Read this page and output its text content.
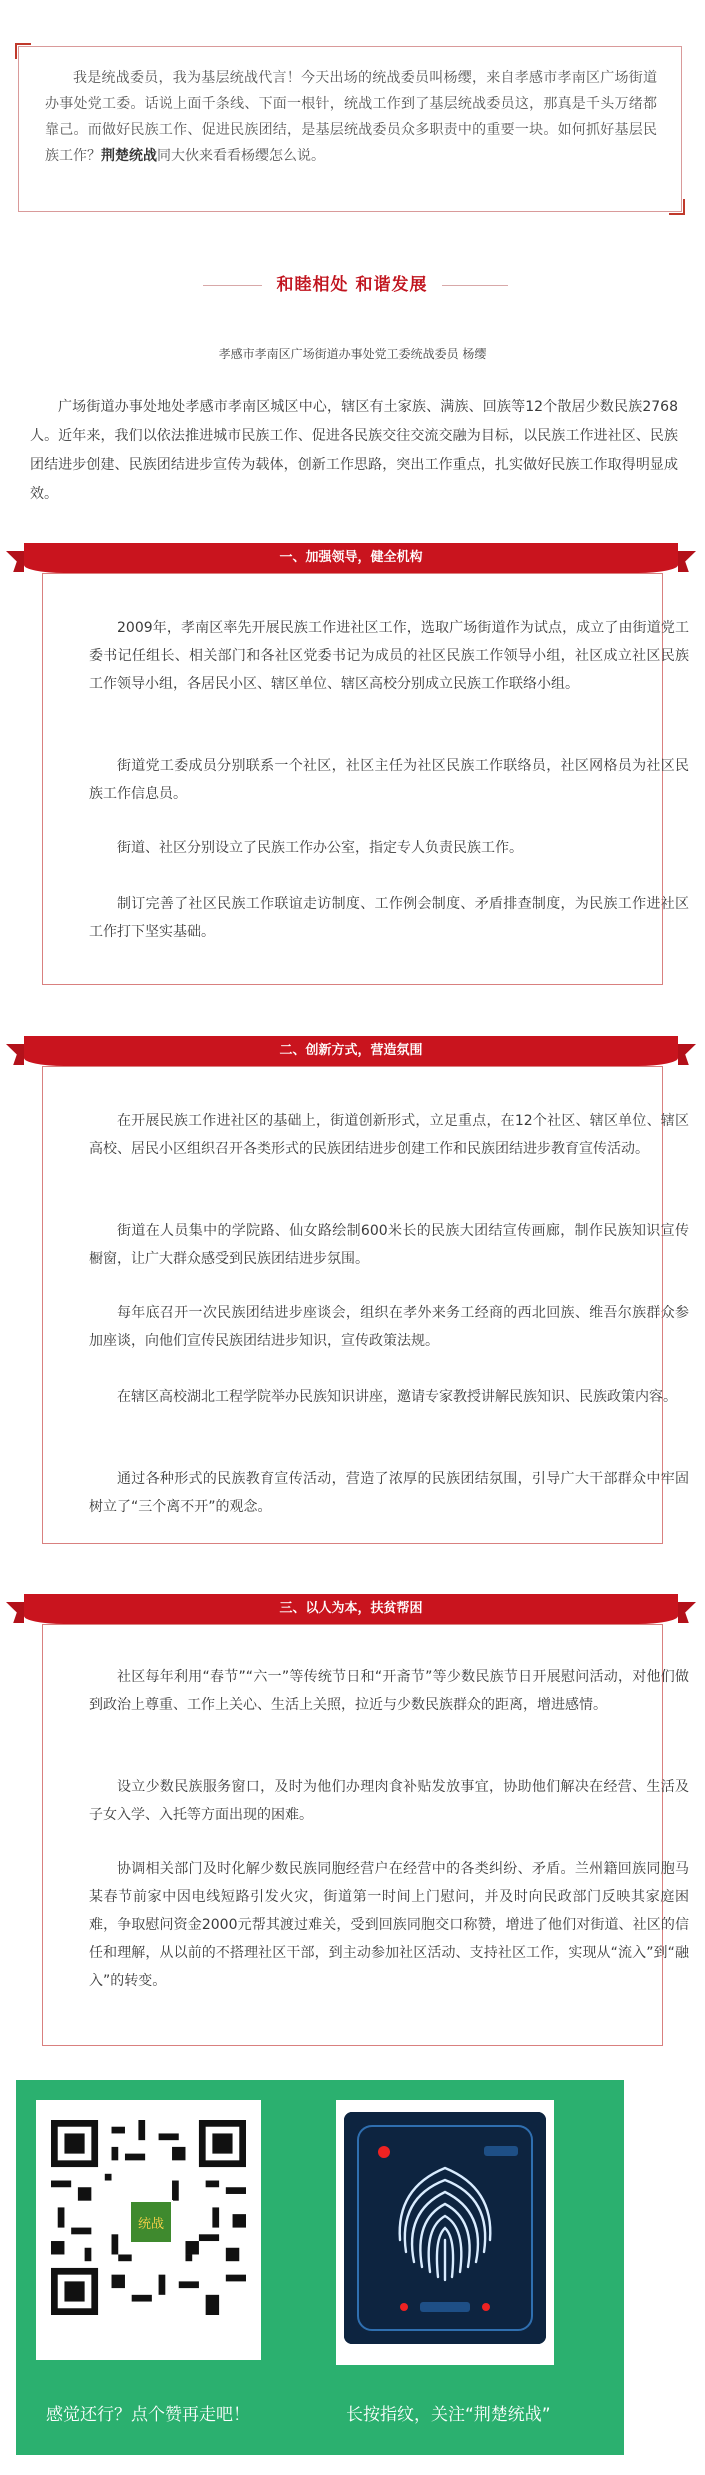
我是统战委员，我为基层统战代言！今天出场的统战委员叫杨缨，来自孝感市孝南区广场街道办事处党工委。话说上面千条线、下面一根针，统战工作到了基层统战委员这，那真是千头万绪都靠己。而做好民族工作、促进民族团结，是基层统战委员众多职责中的重要一块。如何抓好基层民族工作？荆楚统战同大伙来看看杨缨怎么说。

和睦相处 和谐发展
孝感市孝南区广场街道办事处党工委统战委员 杨缨

广场街道办事处地处孝感市孝南区城区中心，辖区有土家族、满族、回族等12个散居少数民族2768人。近年来，我们以依法推进城市民族工作、促进各民族交往交流交融为目标，以民族工作进社区、民族团结进步创建、民族团结进步宣传为载体，创新工作思路，突出工作重点，扎实做好民族工作取得明显成效。

一、加强领导，健全机构

2009年，孝南区率先开展民族工作进社区工作，选取广场街道作为试点，成立了由街道党工委书记任组长、相关部门和各社区党委书记为成员的社区民族工作领导小组，社区成立社区民族工作领导小组，各居民小区、辖区单位、辖区高校分别成立民族工作联络小组。

街道党工委成员分别联系一个社区，社区主任为社区民族工作联络员，社区网格员为社区民族工作信息员。

街道、社区分别设立了民族工作办公室，指定专人负责民族工作。

制订完善了社区民族工作联谊走访制度、工作例会制度、矛盾排查制度，为民族工作进社区工作打下坚实基础。

二、创新方式，营造氛围

在开展民族工作进社区的基础上，街道创新形式，立足重点，在12个社区、辖区单位、辖区高校、居民小区组织召开各类形式的民族团结进步创建工作和民族团结进步教育宣传活动。

街道在人员集中的学院路、仙女路绘制600米长的民族大团结宣传画廊，制作民族知识宣传橱窗，让广大群众感受到民族团结进步氛围。

每年底召开一次民族团结进步座谈会，组织在孝外来务工经商的西北回族、维吾尔族群众参加座谈，向他们宣传民族团结进步知识，宣传政策法规。

在辖区高校湖北工程学院举办民族知识讲座，邀请专家教授讲解民族知识、民族政策内容。

通过各种形式的民族教育宣传活动，营造了浓厚的民族团结氛围，引导广大干部群众中牢固树立了“三个离不开”的观念。

三、以人为本，扶贫帮困

社区每年利用“春节”“六一”等传统节日和“开斋节”等少数民族节日开展慰问活动，对他们做到政治上尊重、工作上关心、生活上关照，拉近与少数民族群众的距离，增进感情。

设立少数民族服务窗口，及时为他们办理肉食补贴发放事宜，协助他们解决在经营、生活及子女入学、入托等方面出现的困难。

协调相关部门及时化解少数民族同胞经营户在经营中的各类纠纷、矛盾。兰州籍回族同胞马某春节前家中因电线短路引发火灾，街道第一时间上门慰问，并及时向民政部门反映其家庭困难，争取慰问资金2000元帮其渡过难关，受到回族同胞交口称赞，增进了他们对街道、社区的信任和理解，从以前的不搭理社区干部，到主动参加社区活动、支持社区工作，实现从“流入”到“融入”的转变。

统战
感觉还行？点个赞再走吧！	长按指纹，关注“荆楚统战”
